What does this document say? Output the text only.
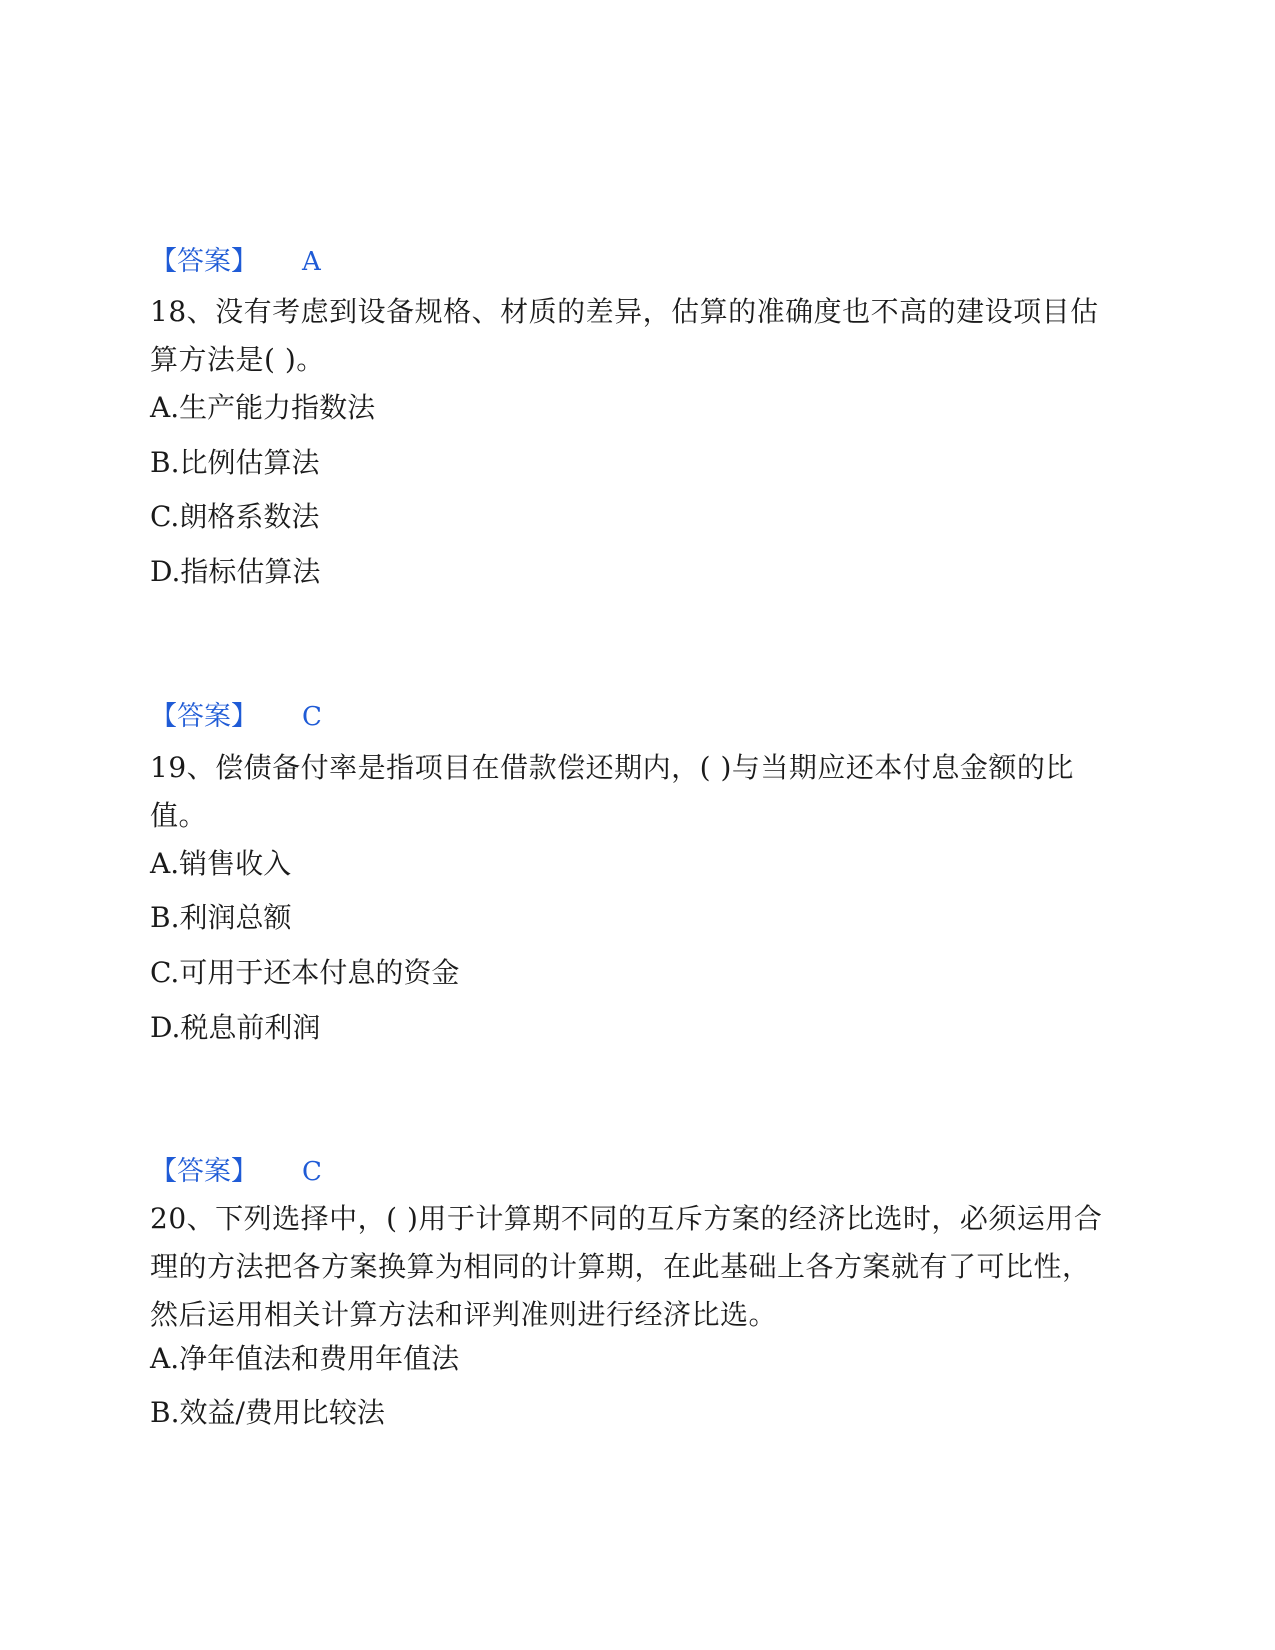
【答案】 A
18、没有考虑到设备规格、材质的差异，估算的准确度也不高的建设项目估算方法是( )。
A.生产能力指数法
B.比例估算法
C.朗格系数法
D.指标估算法
【答案】 C
19、偿债备付率是指项目在借款偿还期内，( )与当期应还本付息金额的比值。
A.销售收入
B.利润总额
C.可用于还本付息的资金
D.税息前利润
【答案】 C
20、下列选择中，( )用于计算期不同的互斥方案的经济比选时，必须运用合理的方法把各方案换算为相同的计算期，在此基础上各方案就有了可比性，然后运用相关计算方法和评判准则进行经济比选。
A.净年值法和费用年值法
B.效益/费用比较法
